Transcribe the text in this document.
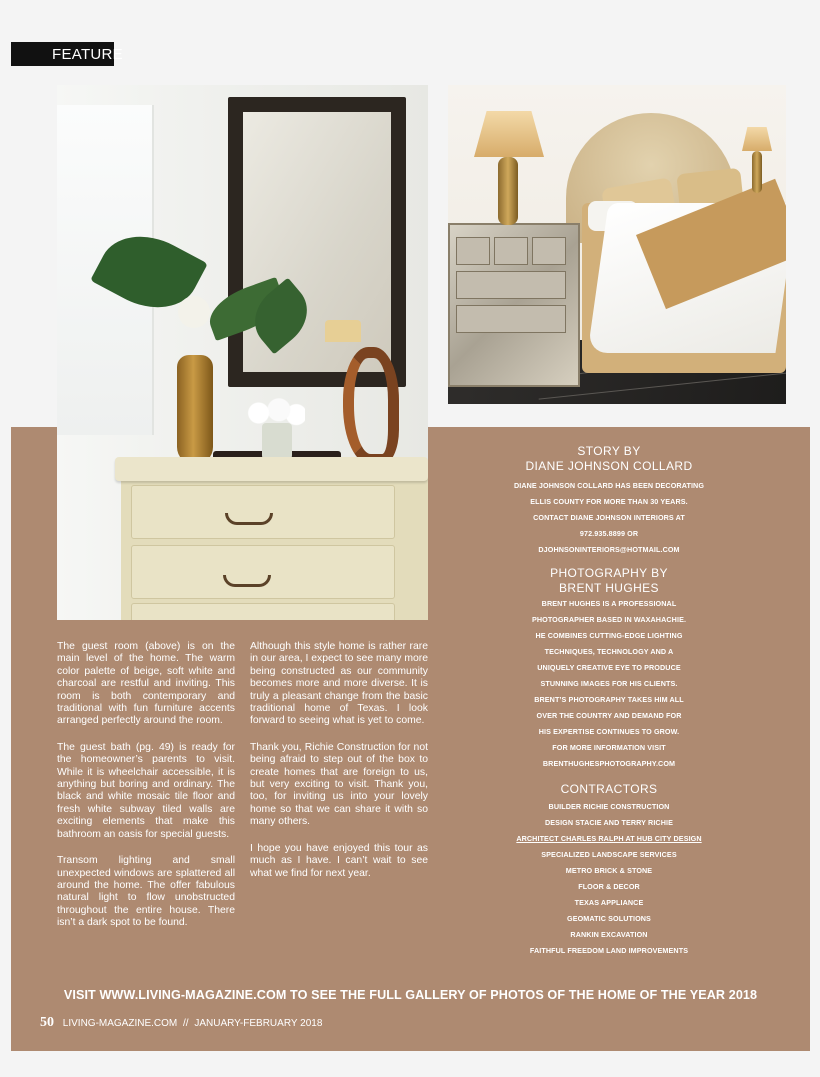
FEATURE

The guest room (above) is on the main level of the home. The warm color palette of beige, soft white and charcoal are restful and inviting. This room is both contemporary and traditional with fun furniture accents arranged perfectly around the room.

The guest bath (pg. 49) is ready for the homeowner’s parents to visit. While it is wheelchair accessible, it is anything but boring and ordinary. The black and white mosaic tile floor and fresh white subway tiled walls are exciting elements that make this bathroom an oasis for special guests.

Transom lighting and small unexpected windows are splattered all around the home. The offer fabulous natural light to flow unobstructed throughout the entire house. There isn’t a dark spot to be found.

Although this style home is rather rare in our area, I expect to see many more being constructed as our community becomes more and more diverse. It is truly a pleasant change from the basic traditional home of Texas. I look forward to seeing what is yet to come.

Thank you, Richie Construction for not being afraid to step out of the box to create homes that are foreign to us, but very exciting to visit. Thank you, too, for inviting us into your lovely home so that we can share it with so many others.

I hope you have enjoyed this tour as much as I have. I can’t wait to see what we find for next year.

STORY BY

DIANE JOHNSON COLLARD

DIANE JOHNSON COLLARD HAS BEEN DECORATING

ELLIS COUNTY FOR MORE THAN 30 YEARS.

CONTACT DIANE JOHNSON INTERIORS AT

972.935.8899 OR

DJOHNSONINTERIORS@HOTMAIL.COM

PHOTOGRAPHY BY

BRENT HUGHES

BRENT HUGHES IS A PROFESSIONAL

PHOTOGRAPHER BASED IN WAXAHACHIE.

HE COMBINES CUTTING-EDGE LIGHTING

TECHNIQUES, TECHNOLOGY AND A

UNIQUELY CREATIVE EYE TO PRODUCE

STUNNING IMAGES FOR HIS CLIENTS.

BRENT’S PHOTOGRAPHY TAKES HIM ALL

OVER THE COUNTRY AND DEMAND FOR

HIS EXPERTISE CONTINUES TO GROW.

FOR MORE INFORMATION VISIT

BRENTHUGHESPHOTOGRAPHY.COM

CONTRACTORS

BUILDER RICHIE CONSTRUCTION

DESIGN STACIE AND TERRY RICHIE

ARCHITECT CHARLES RALPH AT HUB CITY DESIGN

SPECIALIZED LANDSCAPE SERVICES

METRO BRICK & STONE

FLOOR & DECOR

TEXAS APPLIANCE

GEOMATIC SOLUTIONS

RANKIN EXCAVATION

FAITHFUL FREEDOM LAND IMPROVEMENTS

VISIT WWW.LIVING-MAGAZINE.COM TO SEE THE FULL GALLERY OF PHOTOS OF THE HOME OF THE YEAR 2018
50 LIVING-MAGAZINE.COM // JANUARY-FEBRUARY 2018
